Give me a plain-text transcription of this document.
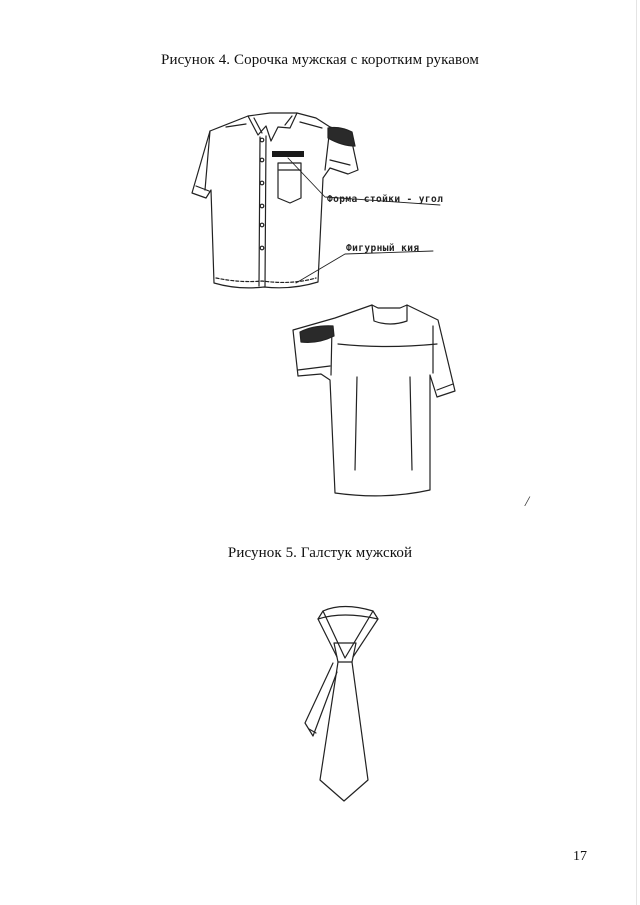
Рисунок 4. Сорочка мужская с коротким рукавом
Форма стойки - угол
Фигурный кия
/
Рисунок 5. Галстук мужской
17
